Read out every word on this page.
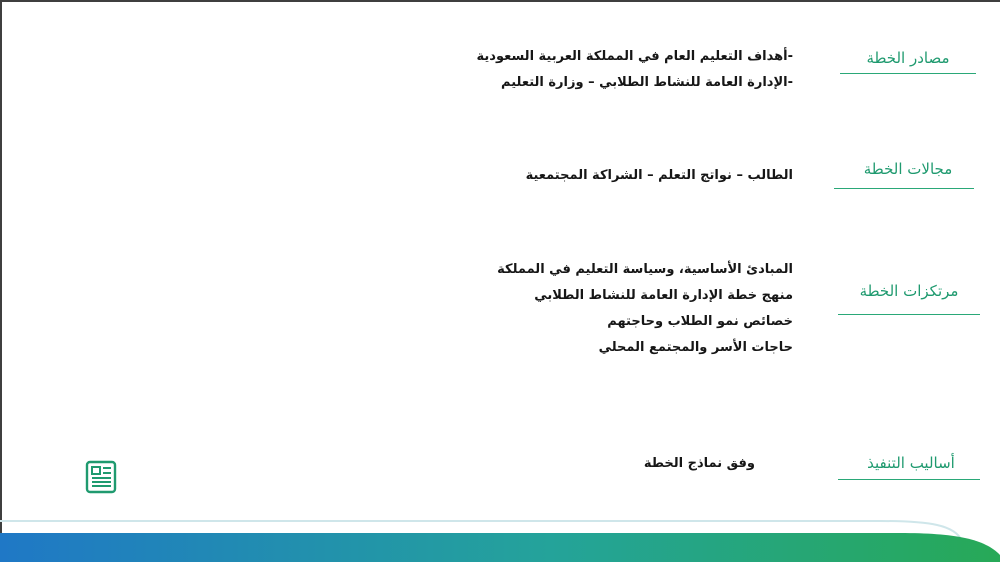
مصادر الخطة
-أهداف التعليم العام في المملكة العربية السعودية
-الإدارة العامة للنشاط الطلابي – وزارة التعليم
مجالات الخطة
الطالب – نواتج التعلم – الشراكة المجتمعية
مرتكزات الخطة
المبادئ الأساسية، وسياسة التعليم في المملكة
منهج خطة الإدارة العامة للنشاط الطلابي
خصائص نمو الطلاب وحاجتهم
حاجات الأسر والمجتمع المحلي
أساليب التنفيذ
وفق نماذج الخطة
